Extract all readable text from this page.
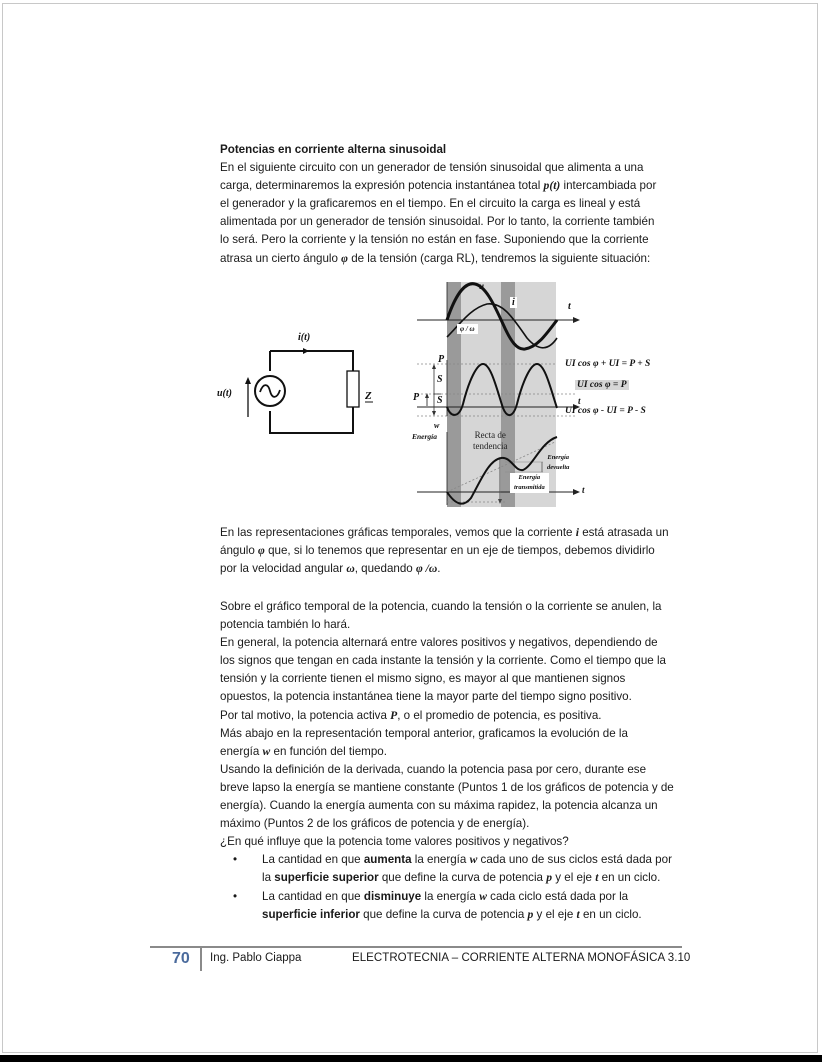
Potencias en corriente alterna sinusoidal
En el siguiente circuito con un generador de tensión sinusoidal que alimenta a una
carga, determinaremos la expresión potencia instantánea total p(t) intercambiada por
el generador y la graficaremos en el tiempo. En el circuito la carga es lineal y está
alimentada por un generador de tensión sinusoidal. Por lo tanto, la corriente también
lo será. Pero la corriente y la tensión no están en fase. Suponiendo que la corriente
atrasa un cierto ángulo φ de la tensión (carga RL), tendremos la siguiente situación:
i(t)
u(t)	Z
u
i	t
φ / ω
P
S
S
P	t
UI cos φ + UI = P + S
UI cos φ = P
UI cos φ - UI = P - S
w
Energía	Recta de
tendencia
Energía
devuelta
Energía
transmitida	t
En las representaciones gráficas temporales, vemos que la corriente i está atrasada un
ángulo φ que, si lo tenemos que representar en un eje de tiempos, debemos dividirlo
por la velocidad angular ω, quedando φ /ω.
Sobre el gráfico temporal de la potencia, cuando la tensión o la corriente se anulen, la
potencia también lo hará.
En general, la potencia alternará entre valores positivos y negativos, dependiendo de
los signos que tengan en cada instante la tensión y la corriente. Como el tiempo que la
tensión y la corriente tienen el mismo signo, es mayor al que mantienen signos
opuestos, la potencia instantánea tiene la mayor parte del tiempo signo positivo.
Por tal motivo, la potencia activa P, o el promedio de potencia, es positiva.
Más abajo en la representación temporal anterior, graficamos la evolución de la
energía w en función del tiempo.
Usando la definición de la derivada, cuando la potencia pasa por cero, durante ese
breve lapso la energía se mantiene constante (Puntos 1 de los gráficos de potencia y de
energía). Cuando la energía aumenta con su máxima rapidez, la potencia alcanza un
máximo (Puntos 2 de los gráficos de potencia y de energía).
¿En qué influye que la potencia tome valores positivos y negativos?
• La cantidad en que aumenta la energía w cada uno de sus ciclos está dada por
la superficie superior que define la curva de potencia p y el eje t en un ciclo.
• La cantidad en que disminuye la energía w cada ciclo está dada por la
superficie inferior que define la curva de potencia p y el eje t en un ciclo.
70 Ing. Pablo Ciappa	ELECTROTECNIA – CORRIENTE ALTERNA MONOFÁSICA 3.10
